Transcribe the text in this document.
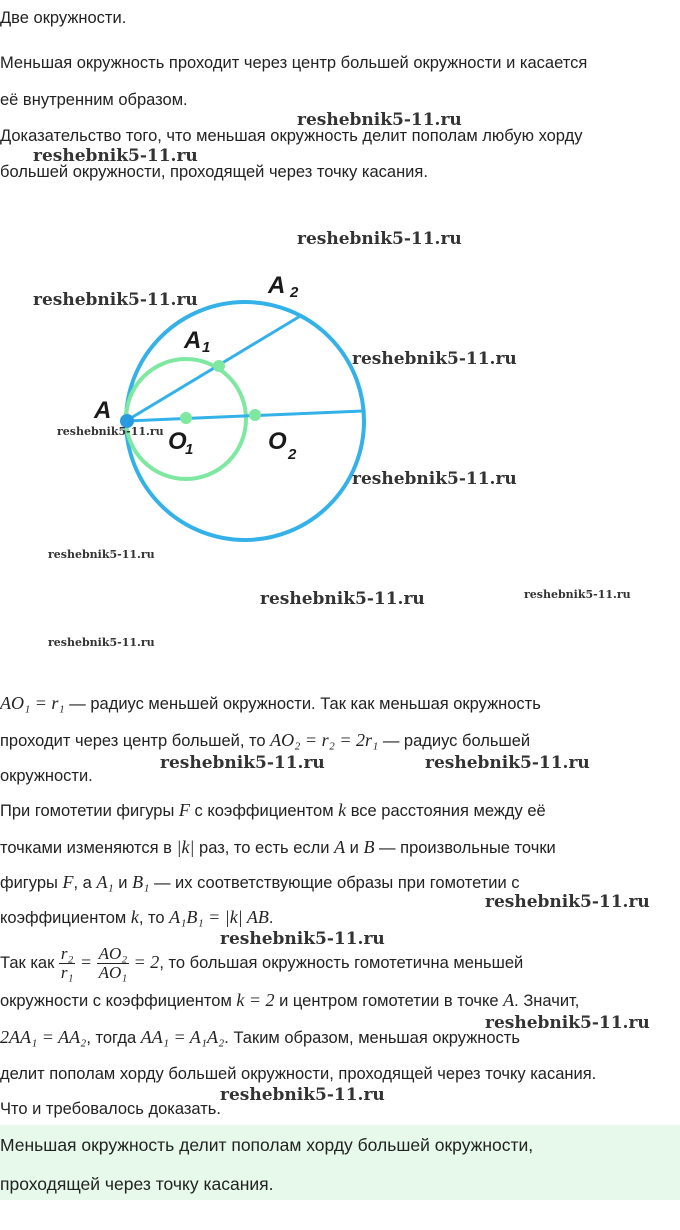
Две окружности.
Меньшая окружность проходит через центр большей окружности и касается
её внутренним образом.
Доказательство того, что меньшая окружность делит пополам любую хорду
большей окружности, проходящей через точку касания.
A
A 1
A 2
O
1	O 2
reshebnik5-11.ru
reshebnik5-11.ru
reshebnik5-11.ru
reshebnik5-11.ru
reshebnik5-11.ru
reshebnik5-11.ru
reshebnik5-11.ru
reshebnik5-11.ru
reshebnik5-11.ru	reshebnik5-11.ru
reshebnik5-11.ru
reshebnik5-11.ru	reshebnik5-11.ru
reshebnik5-11.ru
reshebnik5-11.ru
reshebnik5-11.ru
reshebnik5-11.ru
AO₁ = r₁ — радиус меньшей окружности. Так как меньшая окружность
проходит через центр большей, то AO₂ = r₂ = 2r₁ — радиус большей
окружности.
При гомотетии фигуры F с коэффициентом k все расстояния между её
точками изменяются в |k| раз, то есть если A и B — произвольные точки
фигуры F, а A₁ и B₁ — их соответствующие образы при гомотетии с
коэффициентом k, то A₁B₁ = |k| AB.
Так как $\frac{\text{r₂}}{\text{r₁}} = \frac{\text{AO₂}}{\text{AO₁}} = 2$, то большая окружность гомотетична меньшей
окружности с коэффициентом k = 2 и центром гомотетии в точке A. Значит,
2AA₁ = AA₂, тогда AA₁ = A₁A₂. Таким образом, меньшая окружность
делит пополам хорду большей окружности, проходящей через точку касания.
Что и требовалось доказать.
Меньшая окружность делит пополам хорду большей окружности,
проходящей через точку касания.
